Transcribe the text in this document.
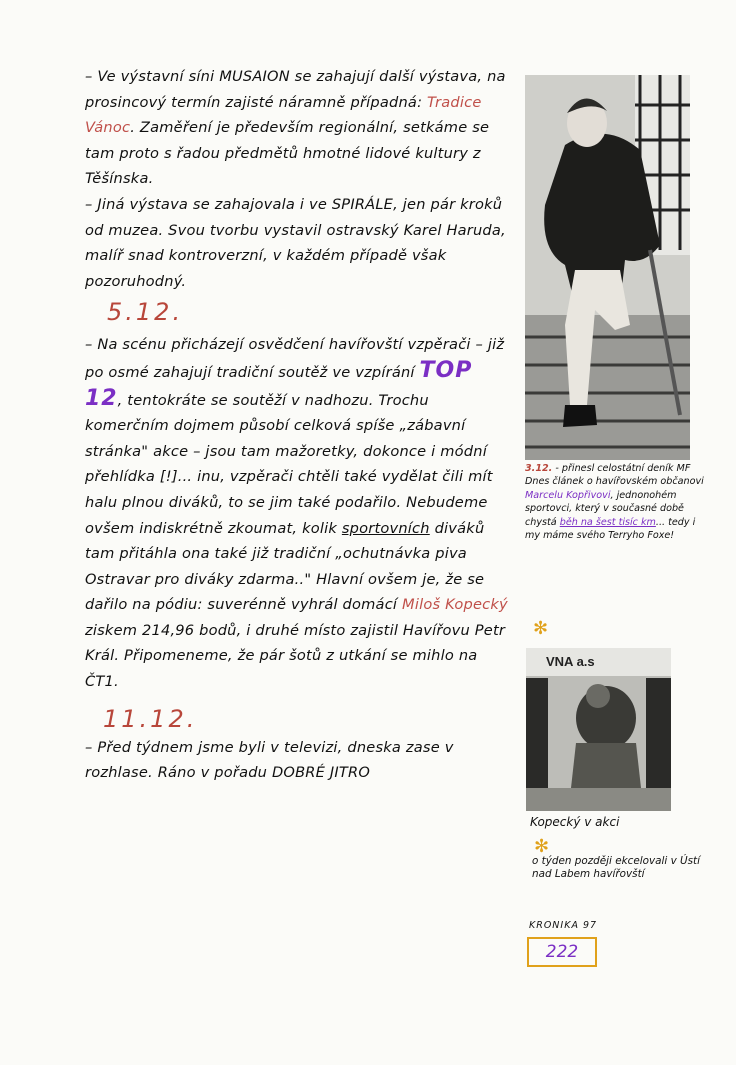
– Ve výstavní síni MUSAION se zahajují další výstava, na prosincový termín zajisté náramně případná: Tradice Vánoc. Zaměření je především regionální, setkáme se tam proto s řadou předmětů hmotné lidové kultury z Těšínska.

– Jiná výstava se zahajovala i ve SPIRÁLE, jen pár kroků od muzea. Svou tvorbu vystavil ostravský Karel Haruda, malíř snad kontroverzní, v každém případě však pozoruhodný.

5.12.

– Na scénu přicházejí osvědčení havířovští vzpěrači – již po osmé zahajují tradiční soutěž ve vzpírání TOP 12, tentokráte se soutěží v nadhozu. Trochu komerčním dojmem působí celková spíše „zábavní stránka" akce – jsou tam mažoretky, dokonce i módní přehlídka [!]... inu, vzpěrači chtěli také vydělat čili mít halu plnou diváků, to se jim také podařilo. Nebudeme ovšem indiskrétně zkoumat, kolik sportovních diváků tam přitáhla ona také již tradiční „ochutnávka piva Ostravar pro diváky zdarma.." Hlavní ovšem je, že se dařilo na pódiu: suverénně vyhrál domácí Miloš Kopecký ziskem 214,96 bodů, i druhé místo zajistil Havířovu Petr Král. Připomeneme, že pár šotů z utkání se mihlo na ČT1.

11.12.

– Před týdnem jsme byli v televizi, dneska zase v rozhlase. Ráno v pořadu DOBRÉ JITRO

3.12. - přinesl celostátní deník MF Dnes článek o havířovském občanovi Marcelu Kopřivovi, jednonohém sportovci, který v současné době chystá běh na šest tisíc km... tedy i my máme svého Terryho Foxe!
✻
VNA a.s
Kopecký v akci
✻
o týden později ekcelovali v Ústí nad Labem havířovští
KRONIKA 97
222
